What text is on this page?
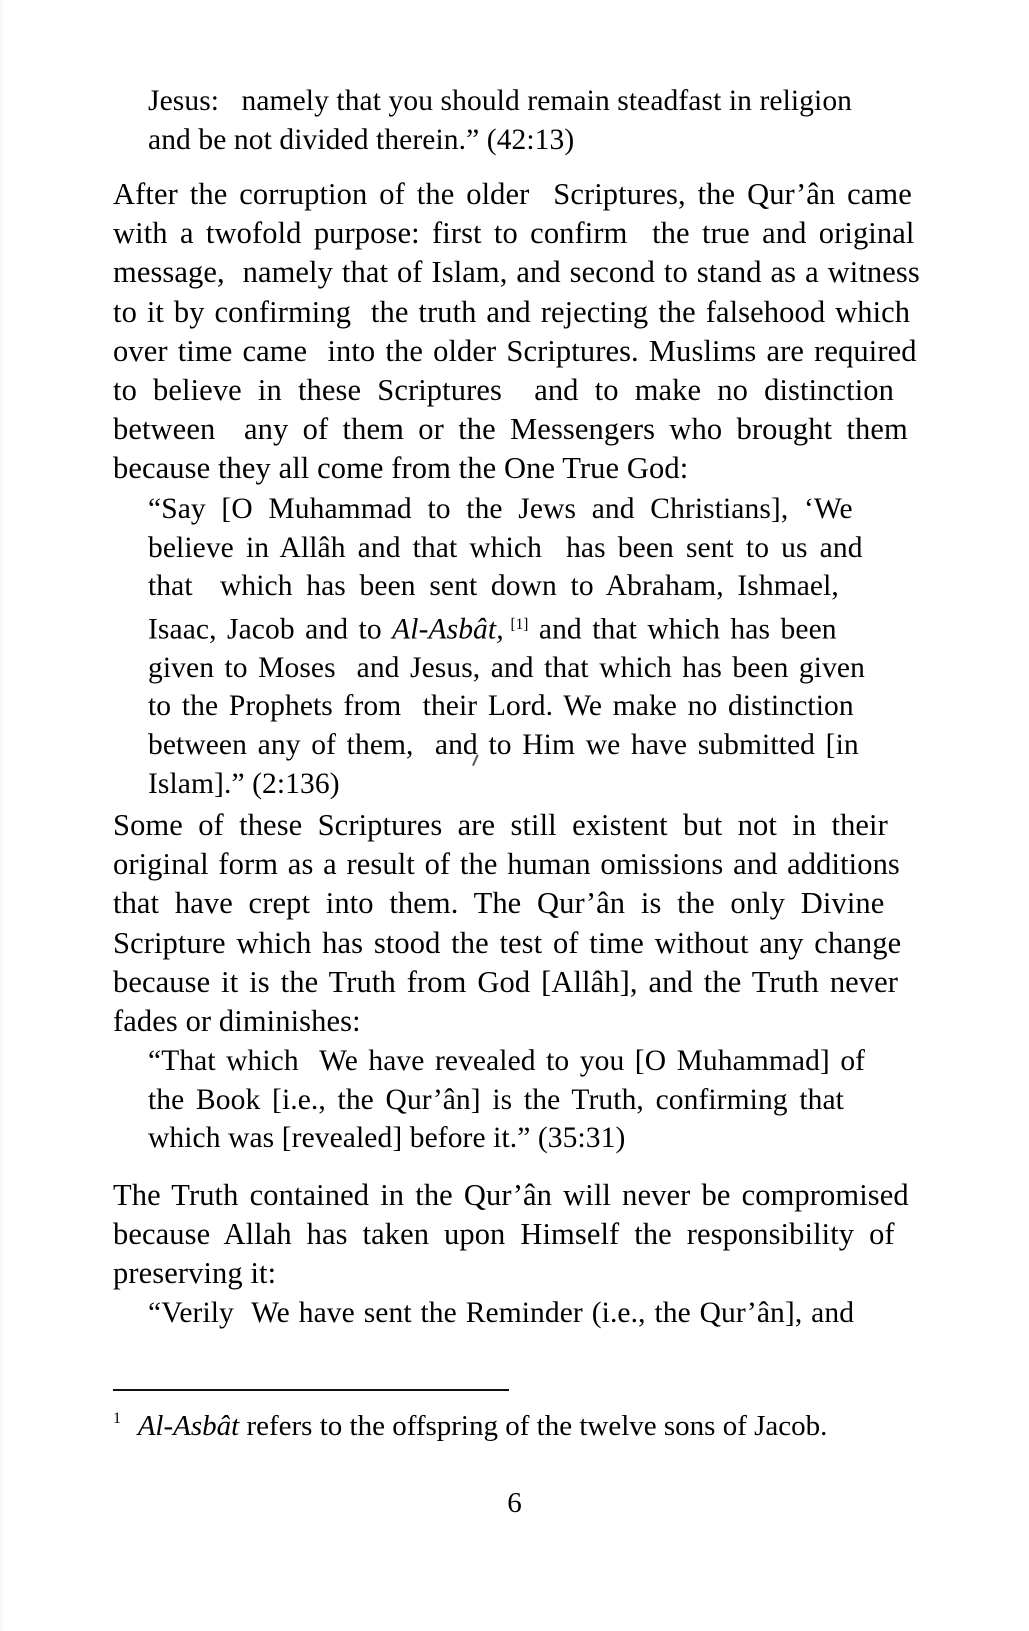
Jesus:   namely that you should remain steadfast in religion
and be not divided therein.” (42:13)
After the corruption of the older  Scriptures, the Qur’ân came
with a twofold purpose: first to confirm  the true and original
message,  namely that of Islam, and second to stand as a witness
to it by confirming  the truth and rejecting the falsehood which
over time came  into the older Scriptures. Muslims are required
to believe in these Scriptures  and to make no distinction
between  any of them or the Messengers who brought them
because they all come from the One True God:
“Say [O Muhammad to the Jews and Christians], ‘We
believe in Allâh and that which  has been sent to us and
that  which has been sent down to Abraham, Ishmael,
Isaac, Jacob and to Al-Asbât, [1] and that which has been
given to Moses  and Jesus, and that which has been given
to the Prophets from  their Lord. We make no distinction
between any of them,  and to Him we have submitted [in
Islam].” (2:136)
Some of these Scriptures are still existent but not in their
original form as a result of the human omissions and additions
that have crept into them. The Qur’ân is the only Divine
Scripture which has stood the test of time without any change
because it is the Truth from God [Allâh], and the Truth never
fades or diminishes:
“That which  We have revealed to you [O Muhammad] of
the Book [i.e., the Qur’ân] is the Truth, confirming that
which was [revealed] before it.” (35:31)
The Truth contained in the Qur’ân will never be compromised
because Allah has taken upon Himself the responsibility of
preserving it:
“Verily  We have sent the Reminder (i.e., the Qur’ân], and
$^1$ Al-Asbât refers to the offspring of the twelve sons of Jacob.
6
